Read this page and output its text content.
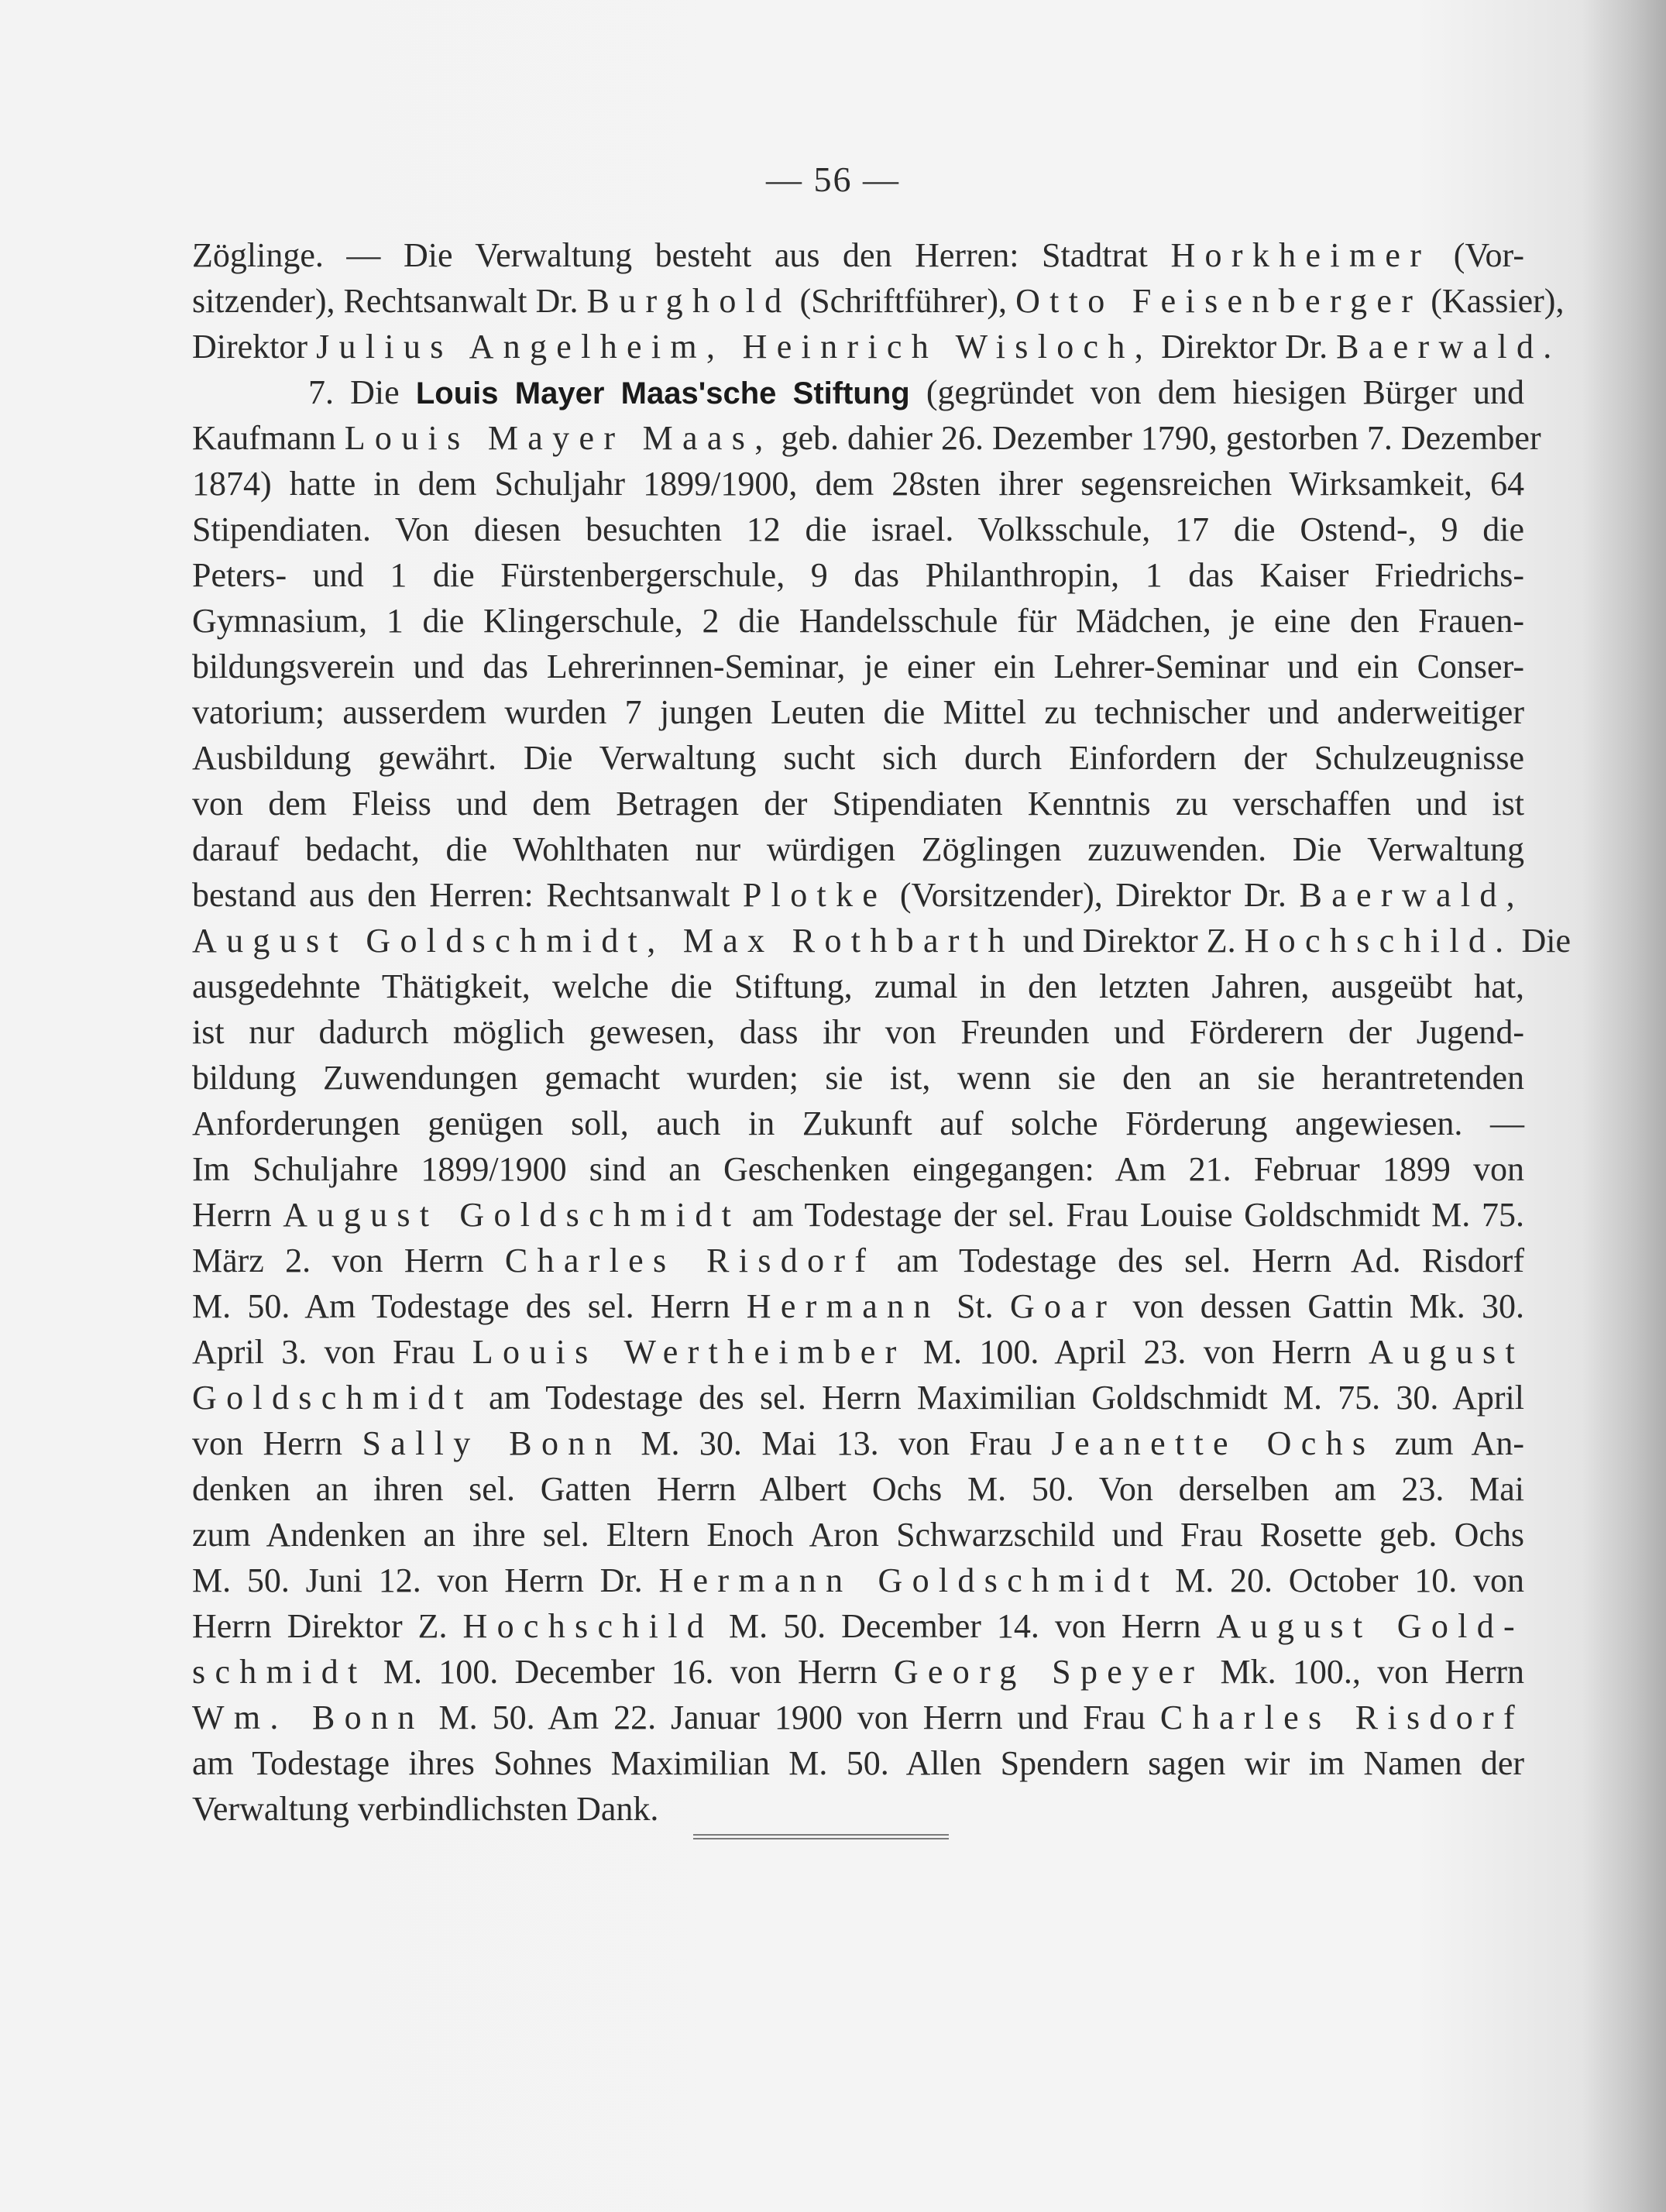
— 56 —
Zöglinge. — Die Verwaltung besteht aus den Herren: Stadtrat Horkheimer (Vor-
sitzender), Rechtsanwalt Dr. Burghold (Schriftführer), Otto Feisenberger (Kassier),
Direktor Julius Angelheim, Heinrich Wisloch, Direktor Dr. Baerwald.
7. Die Louis Mayer Maas'sche Stiftung (gegründet von dem hiesigen Bürger und
Kaufmann Louis Mayer Maas, geb. dahier 26. Dezember 1790, gestorben 7. Dezember
1874) hatte in dem Schuljahr 1899/1900, dem 28sten ihrer segensreichen Wirksamkeit, 64
Stipendiaten. Von diesen besuchten 12 die israel. Volksschule, 17 die Ostend-, 9 die
Peters- und 1 die Fürstenbergerschule, 9 das Philanthropin, 1 das Kaiser Friedrichs-
Gymnasium, 1 die Klingerschule, 2 die Handelsschule für Mädchen, je eine den Frauen-
bildungsverein und das Lehrerinnen-Seminar, je einer ein Lehrer-Seminar und ein Conser-
vatorium; ausserdem wurden 7 jungen Leuten die Mittel zu technischer und anderweitiger
Ausbildung gewährt. Die Verwaltung sucht sich durch Einfordern der Schulzeugnisse
von dem Fleiss und dem Betragen der Stipendiaten Kenntnis zu verschaffen und ist
darauf bedacht, die Wohlthaten nur würdigen Zöglingen zuzuwenden. Die Verwaltung
bestand aus den Herren: Rechtsanwalt Plotke (Vorsitzender), Direktor Dr. Baerwald,
August Goldschmidt, Max Rothbarth und Direktor Z. Hochschild. Die
ausgedehnte Thätigkeit, welche die Stiftung, zumal in den letzten Jahren, ausgeübt hat,
ist nur dadurch möglich gewesen, dass ihr von Freunden und Förderern der Jugend-
bildung Zuwendungen gemacht wurden; sie ist, wenn sie den an sie herantretenden
Anforderungen genügen soll, auch in Zukunft auf solche Förderung angewiesen. —
Im Schuljahre 1899/1900 sind an Geschenken eingegangen: Am 21. Februar 1899 von
Herrn August Goldschmidt am Todestage der sel. Frau Louise Goldschmidt M. 75.
März 2. von Herrn Charles Risdorf am Todestage des sel. Herrn Ad. Risdorf
M. 50. Am Todestage des sel. Herrn Hermann St. Goar von dessen Gattin Mk. 30.
April 3. von Frau Louis Wertheimber M. 100. April 23. von Herrn August
Goldschmidt am Todestage des sel. Herrn Maximilian Goldschmidt M. 75. 30. April
von Herrn Sally Bonn M. 30. Mai 13. von Frau Jeanette Ochs zum An-
denken an ihren sel. Gatten Herrn Albert Ochs M. 50. Von derselben am 23. Mai
zum Andenken an ihre sel. Eltern Enoch Aron Schwarzschild und Frau Rosette geb. Ochs
M. 50. Juni 12. von Herrn Dr. Hermann Goldschmidt M. 20. October 10. von
Herrn Direktor Z. Hochschild M. 50. December 14. von Herrn August Gold-
schmidt M. 100. December 16. von Herrn Georg Speyer Mk. 100., von Herrn
Wm. Bonn M. 50. Am 22. Januar 1900 von Herrn und Frau Charles Risdorf
am Todestage ihres Sohnes Maximilian M. 50. Allen Spendern sagen wir im Namen der
Verwaltung verbindlichsten Dank.
